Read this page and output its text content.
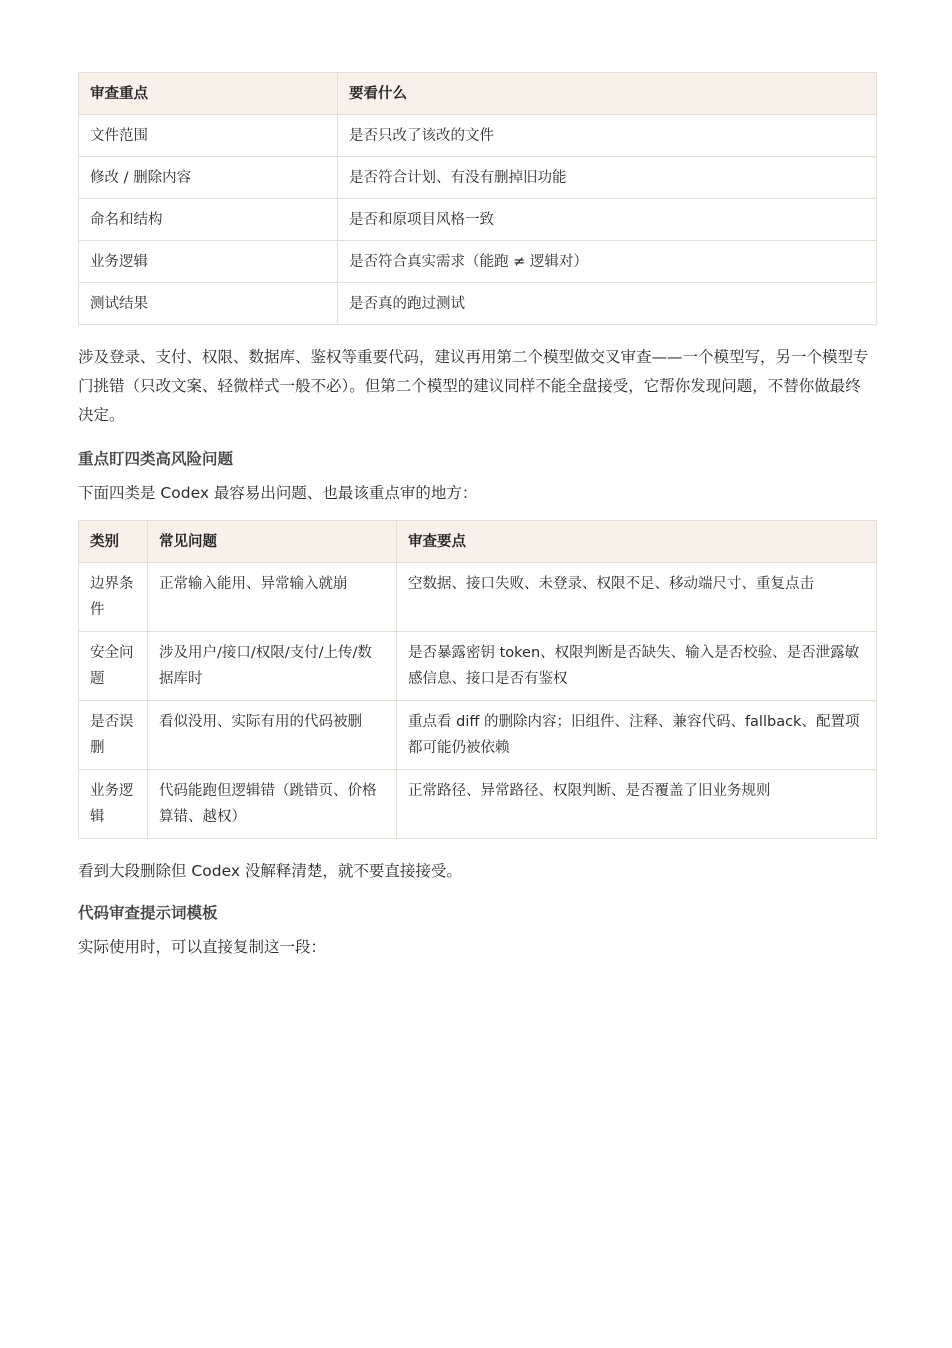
审查重点	要看什么
文件范围	是否只改了该改的文件
修改 / 删除内容	是否符合计划、有没有删掉旧功能
命名和结构	是否和原项目风格一致
业务逻辑	是否符合真实需求（能跑 ≠ 逻辑对）
测试结果	是否真的跑过测试

涉及登录、支付、权限、数据库、鉴权等重要代码，建议再用第二个模型做交叉审查——一个模型写，另一个模型专门挑错（只改文案、轻微样式一般不必）。但第二个模型的建议同样不能全盘接受，它帮你发现问题，不替你做最终决定。

重点盯四类高风险问题

下面四类是 Codex 最容易出问题、也最该重点审的地方：

类别	常见问题	审查要点
边界条件	正常输入能用、异常输入就崩	空数据、接口失败、未登录、权限不足、移动端尺寸、重复点击
安全问题	涉及用户/接口/权限/支付/上传/数据库时	是否暴露密钥 token、权限判断是否缺失、输入是否校验、是否泄露敏感信息、接口是否有鉴权
是否误删	看似没用、实际有用的代码被删	重点看 diff 的删除内容；旧组件、注释、兼容代码、fallback、配置项都可能仍被依赖
业务逻辑	代码能跑但逻辑错（跳错页、价格算错、越权）	正常路径、异常路径、权限判断、是否覆盖了旧业务规则

看到大段删除但 Codex 没解释清楚，就不要直接接受。

代码审查提示词模板

实际使用时，可以直接复制这一段：
